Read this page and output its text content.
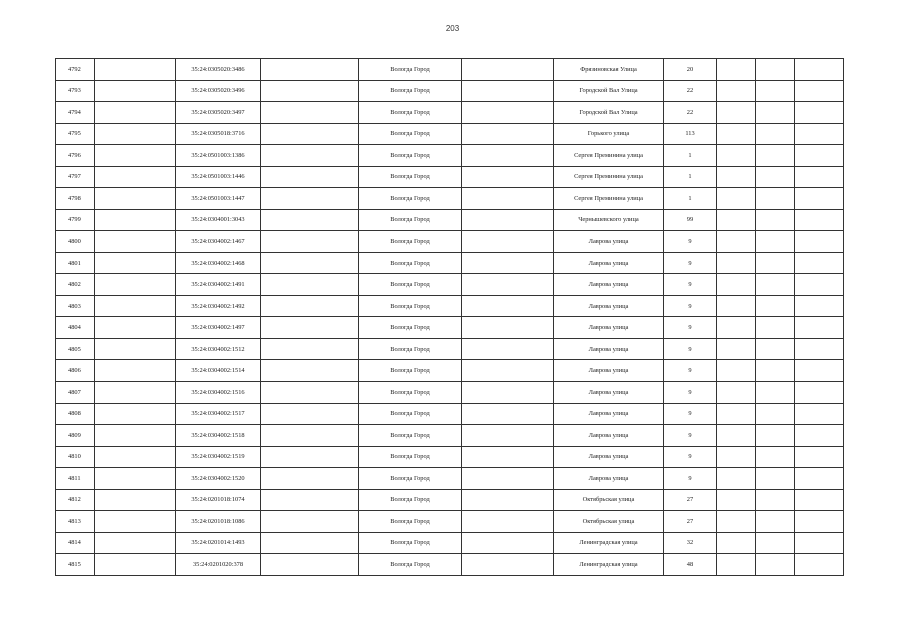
203
4792		35:24:0305020:3486		Вологда Город		Фрязиновская Улица	20			
4793		35:24:0305020:3496		Вологда Город		Городской Вал Улица	22			
4794		35:24:0305020:3497		Вологда Город		Городской Вал Улица	22			
4795		35:24:0305018:3716		Вологда Город		Горького улица	113			
4796		35:24:0501003:1386		Вологда Город		Сергея Преминина улица	1			
4797		35:24:0501003:1446		Вологда Город		Сергея Преминина улица	1			
4798		35:24:0501003:1447		Вологда Город		Сергея Преминина улица	1			
4799		35:24:0304001:3043		Вологда Город		Чернышевского улица	99			
4800		35:24:0304002:1467		Вологда Город		Лаврова улица	9			
4801		35:24:0304002:1468		Вологда Город		Лаврова улица	9			
4802		35:24:0304002:1491		Вологда Город		Лаврова улица	9			
4803		35:24:0304002:1492		Вологда Город		Лаврова улица	9			
4804		35:24:0304002:1497		Вологда Город		Лаврова улица	9			
4805		35:24:0304002:1512		Вологда Город		Лаврова улица	9			
4806		35:24:0304002:1514		Вологда Город		Лаврова улица	9			
4807		35:24:0304002:1516		Вологда Город		Лаврова улица	9			
4808		35:24:0304002:1517		Вологда Город		Лаврова улица	9			
4809		35:24:0304002:1518		Вологда Город		Лаврова улица	9			
4810		35:24:0304002:1519		Вологда Город		Лаврова улица	9			
4811		35:24:0304002:1520		Вологда Город		Лаврова улица	9			
4812		35:24:0201018:1074		Вологда Город		Октябрьская улица	27			
4813		35:24:0201018:1086		Вологда Город		Октябрьская улица	27			
4814		35:24:0201014:1493		Вологда Город		Ленинградская улица	32			
4815		35:24:0201020:378		Вологда Город		Ленинградская улица	48			
